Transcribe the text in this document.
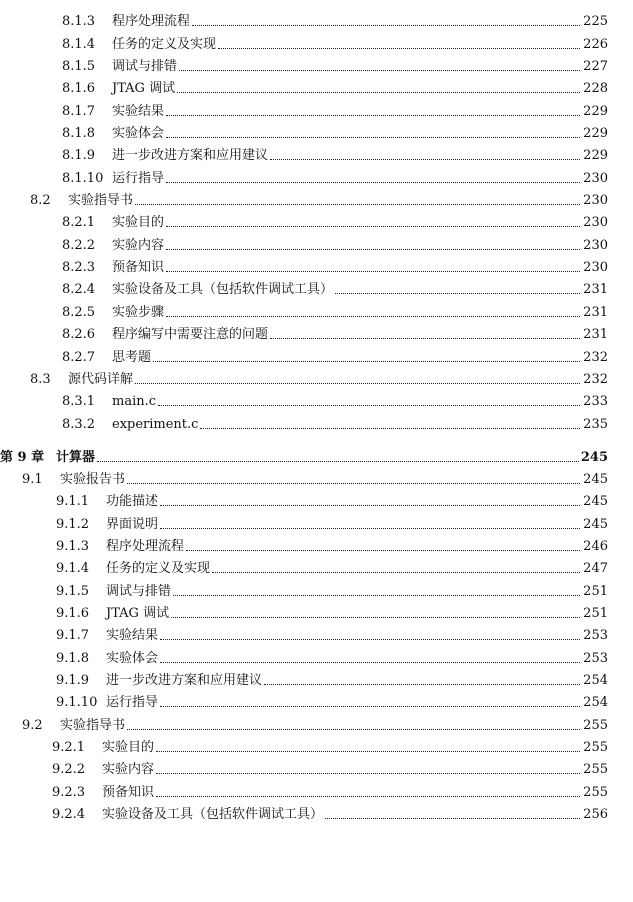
8.1.3	程序处理流程	225
8.1.4	任务的定义及实现	226
8.1.5	调试与排错	227
8.1.6	JTAG 调试	228
8.1.7	实验结果	229
8.1.8	实验体会	229
8.1.9	进一步改进方案和应用建议	229
8.1.10 运行指导	230
8.2	实验指导书	230
8.2.1	实验目的	230
8.2.2	实验内容	230
8.2.3	预备知识	230
8.2.4	实验设备及工具（包括软件调试工具）	231
8.2.5	实验步骤	231
8.2.6	程序编写中需要注意的问题	231
8.2.7	思考题	232
8.3	源代码详解	232
8.3.1	main.c	233
8.3.2	experiment.c	235
第 9 章 计算器	245
9.1	实验报告书	245
9.1.1	功能描述	245
9.1.2	界面说明	245
9.1.3	程序处理流程	246
9.1.4	任务的定义及实现	247
9.1.5	调试与排错	251
9.1.6	JTAG 调试	251
9.1.7	实验结果	253
9.1.8	实验体会	253
9.1.9	进一步改进方案和应用建议	254
9.1.10 运行指导	254
9.2	实验指导书	255
9.2.1	实验目的	255
9.2.2	实验内容	255
9.2.3	预备知识	255
9.2.4	实验设备及工具（包括软件调试工具）	256
